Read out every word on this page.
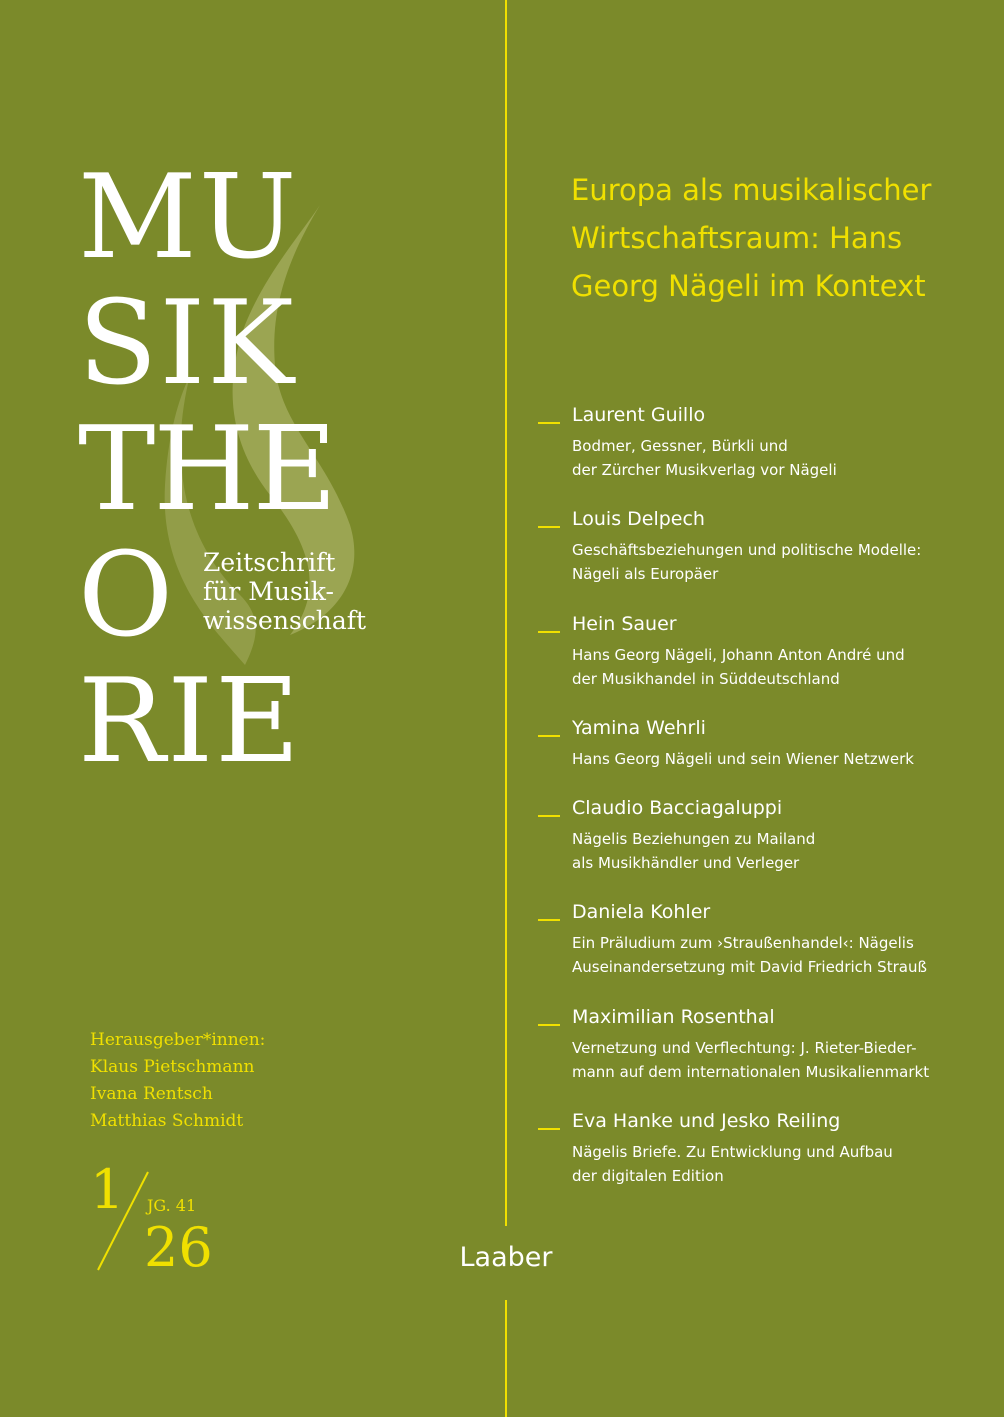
MU
SIK
THE
O
RIE
Zeitschrift
für Musik-
wissenschaft
Herausgeber*innen:
Klaus Pietschmann
Ivana Rentsch
Matthias Schmidt
1 JG. 41
26	Laaber
Europa als musikalischer
Wirtschaftsraum: Hans
Georg Nägeli im Kontext
Laurent Guillo
Bodmer, Gessner, Bürkli und
der Zürcher Musikverlag vor Nägeli
Louis Delpech
Geschäftsbeziehungen und politische Modelle:
Nägeli als Europäer
Hein Sauer
Hans Georg Nägeli, Johann Anton André und
der Musikhandel in Süddeutschland
Yamina Wehrli
Hans Georg Nägeli und sein Wiener Netzwerk
Claudio Bacciagaluppi
Nägelis Beziehungen zu Mailand
als Musikhändler und Verleger
Daniela Kohler
Ein Präludium zum ›Straußenhandel‹: Nägelis
Auseinandersetzung mit David Friedrich Strauß
Maximilian Rosenthal
Vernetzung und Verflechtung: J. Rieter-Bieder-
mann auf dem internationalen Musikalienmarkt
Eva Hanke und Jesko Reiling
Nägelis Briefe. Zu Entwicklung und Aufbau
der digitalen Edition
